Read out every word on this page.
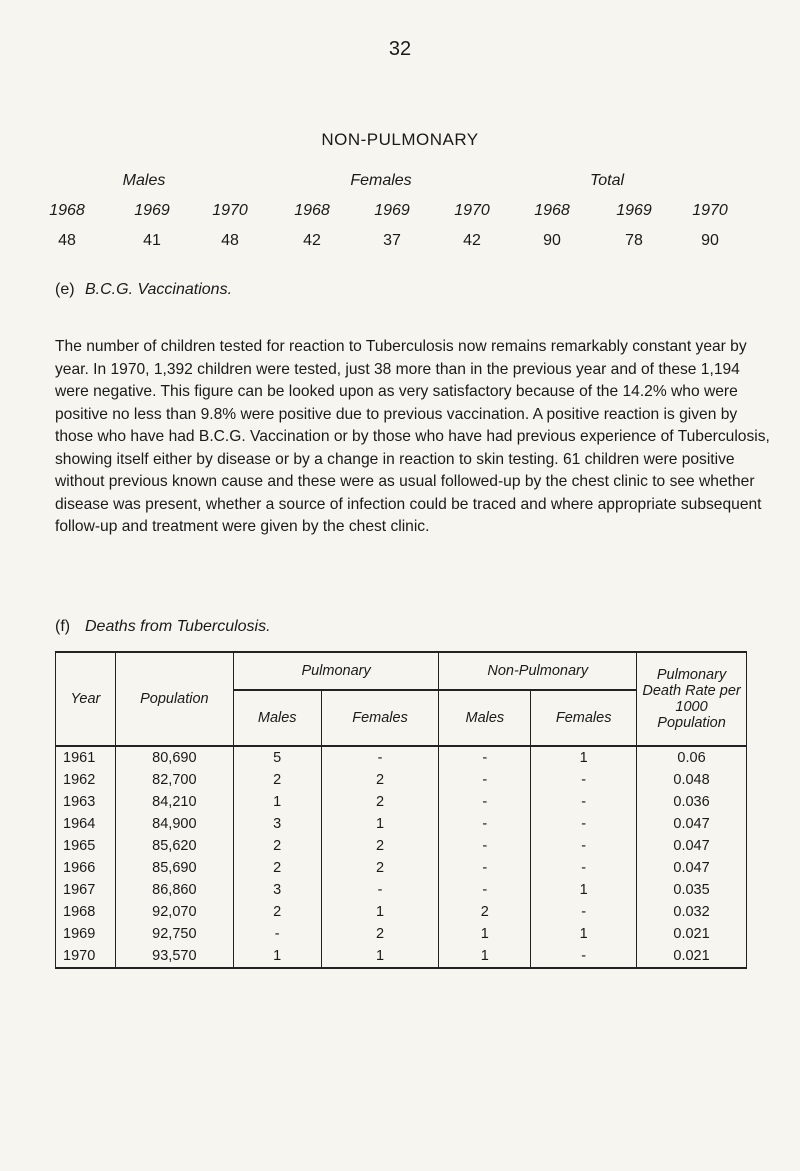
32
NON-PULMONARY
Males	Females	Total
1968	1969	1970	1968	1969	1970	1968	1969	1970
48	41	48	42	37	42	90	78	90
(e) B.C.G. Vaccinations.

The number of children tested for reaction to Tuberculosis now remains remarkably constant year by year. In 1970, 1,392 children were tested, just 38 more than in the previous year and of these 1,194 were negative. This figure can be looked upon as very satisfactory because of the 14.2% who were positive no less than 9.8% were positive due to previous vaccination. A positive reaction is given by those who have had B.C.G. Vaccination or by those who have had previous experience of Tuberculosis, showing itself either by disease or by a change in reaction to skin testing. 61 children were positive without previous known cause and these were as usual followed-up by the chest clinic to see whether disease was present, whether a source of infection could be traced and where appropriate subsequent follow-up and treatment were given by the chest clinic.

(f) Deaths from Tuberculosis.
Year	Population	Pulmonary		Non-Pulmonary		Pulmonary Death Rate per 1000 Population
		Males	Females	Males	Females	
1961	80,690	5	-	-	1	0.06
1962	82,700	2	2	-	-	0.048
1963	84,210	1	2	-	-	0.036
1964	84,900	3	1	-	-	0.047
1965	85,620	2	2	-	-	0.047
1966	85,690	2	2	-	-	0.047
1967	86,860	3	-	-	1	0.035
1968	92,070	2	1	2	-	0.032
1969	92,750	-	2	1	1	0.021
1970	93,570	1	1	1	-	0.021
